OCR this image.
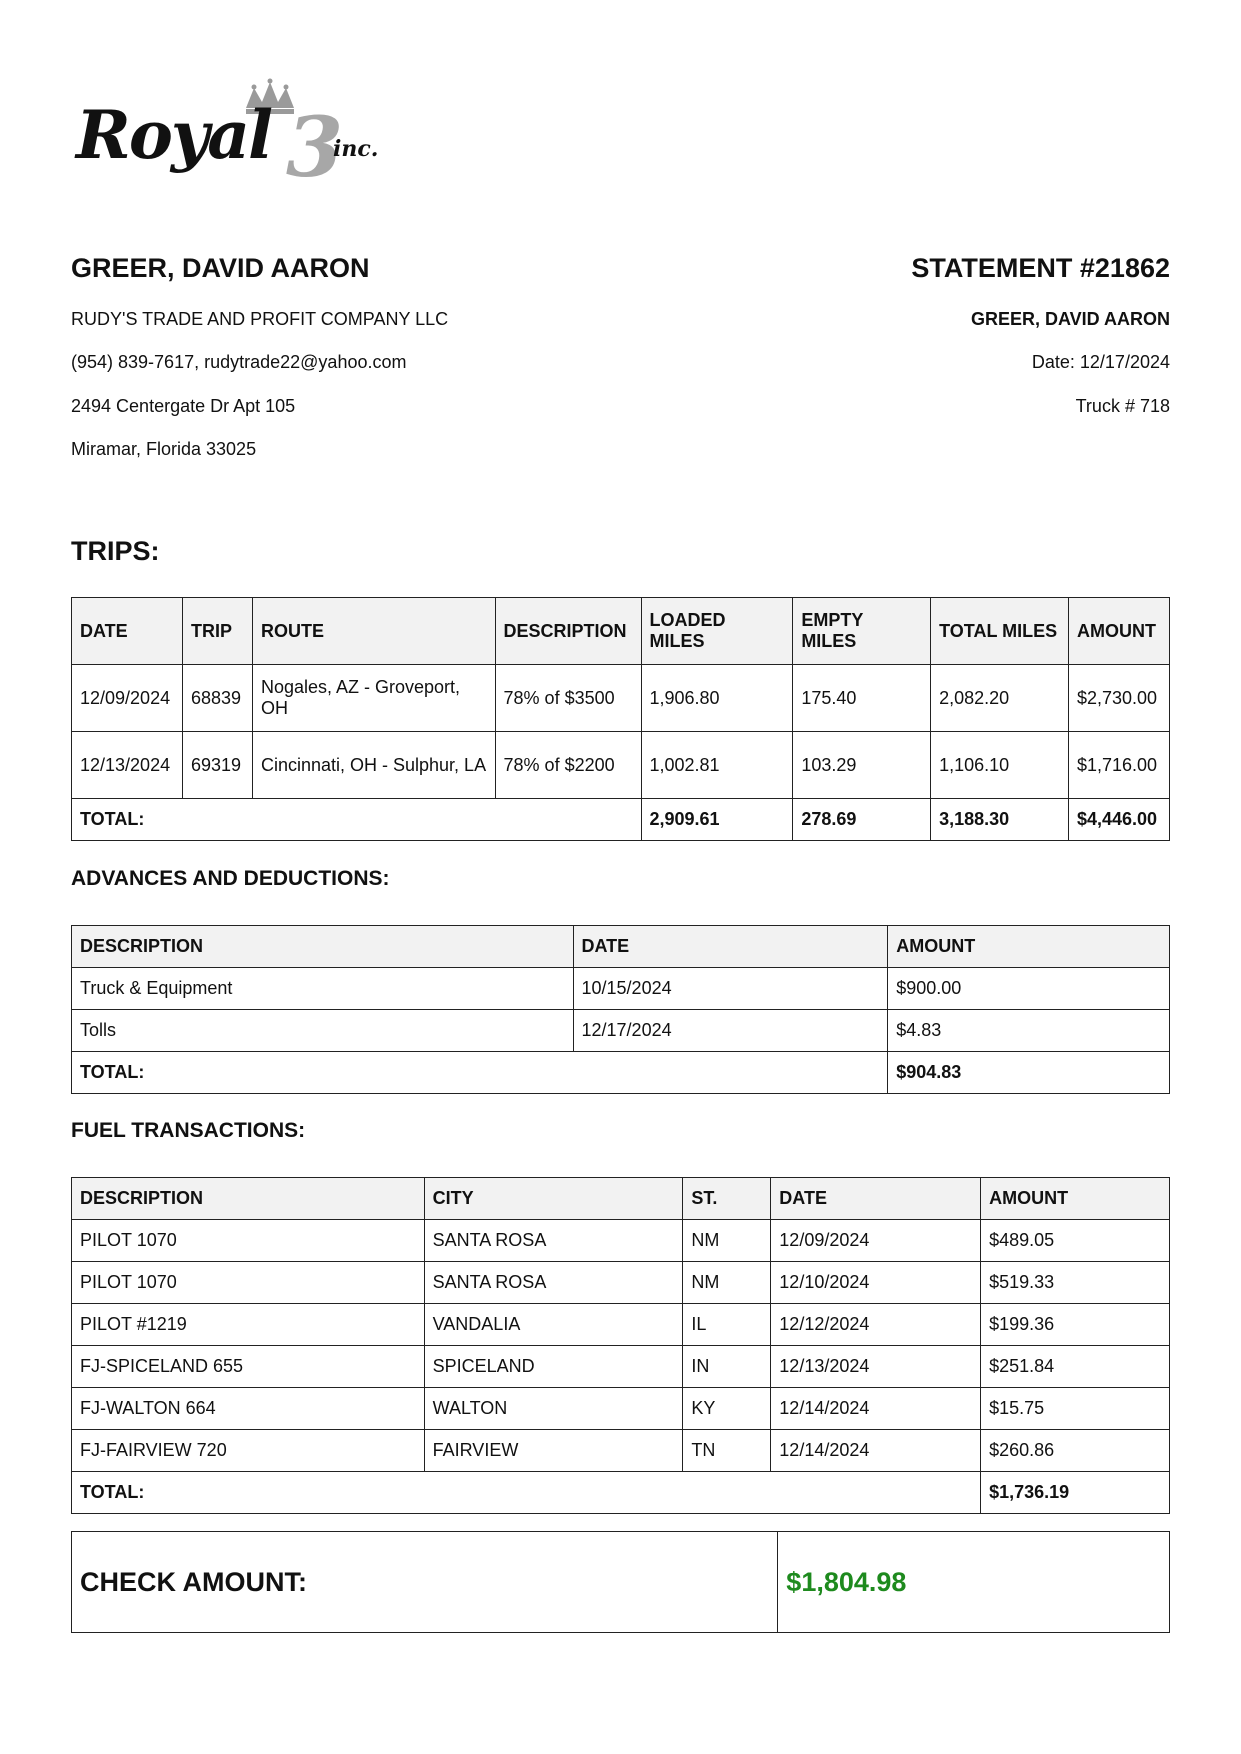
Royal 3
inc.
GREER, DAVID AARON	STATEMENT #21862
RUDY'S TRADE AND PROFIT COMPANY LLC
(954) 839-7617, rudytrade22@yahoo.com
2494 Centergate Dr Apt 105
Miramar, Florida 33025
GREER, DAVID AARON
Date: 12/17/2024
Truck # 718
TRIPS:
DATE	TRIP	ROUTE	DESCRIPTION	LOADED MILES	EMPTY MILES	TOTAL MILES	AMOUNT
12/09/2024	68839	Nogales, AZ - Groveport, OH	78% of $3500	1,906.80	175.40	2,082.20	$2,730.00
12/13/2024	69319	Cincinnati, OH - Sulphur, LA	78% of $2200	1,002.81	103.29	1,106.10	$1,716.00
TOTAL:				2,909.61	278.69	3,188.30	$4,446.00
ADVANCES AND DEDUCTIONS:
DESCRIPTION	DATE	AMOUNT
Truck & Equipment	10/15/2024	$900.00
Tolls	12/17/2024	$4.83
TOTAL:		$904.83
FUEL TRANSACTIONS:
DESCRIPTION	CITY	ST.	DATE	AMOUNT
PILOT 1070	SANTA ROSA	NM	12/09/2024	$489.05
PILOT 1070	SANTA ROSA	NM	12/10/2024	$519.33
PILOT #1219	VANDALIA	IL	12/12/2024	$199.36
FJ-SPICELAND 655	SPICELAND	IN	12/13/2024	$251.84
FJ-WALTON 664	WALTON	KY	12/14/2024	$15.75
FJ-FAIRVIEW 720	FAIRVIEW	TN	12/14/2024	$260.86
TOTAL:				$1,736.19
CHECK AMOUNT:	$1,804.98
